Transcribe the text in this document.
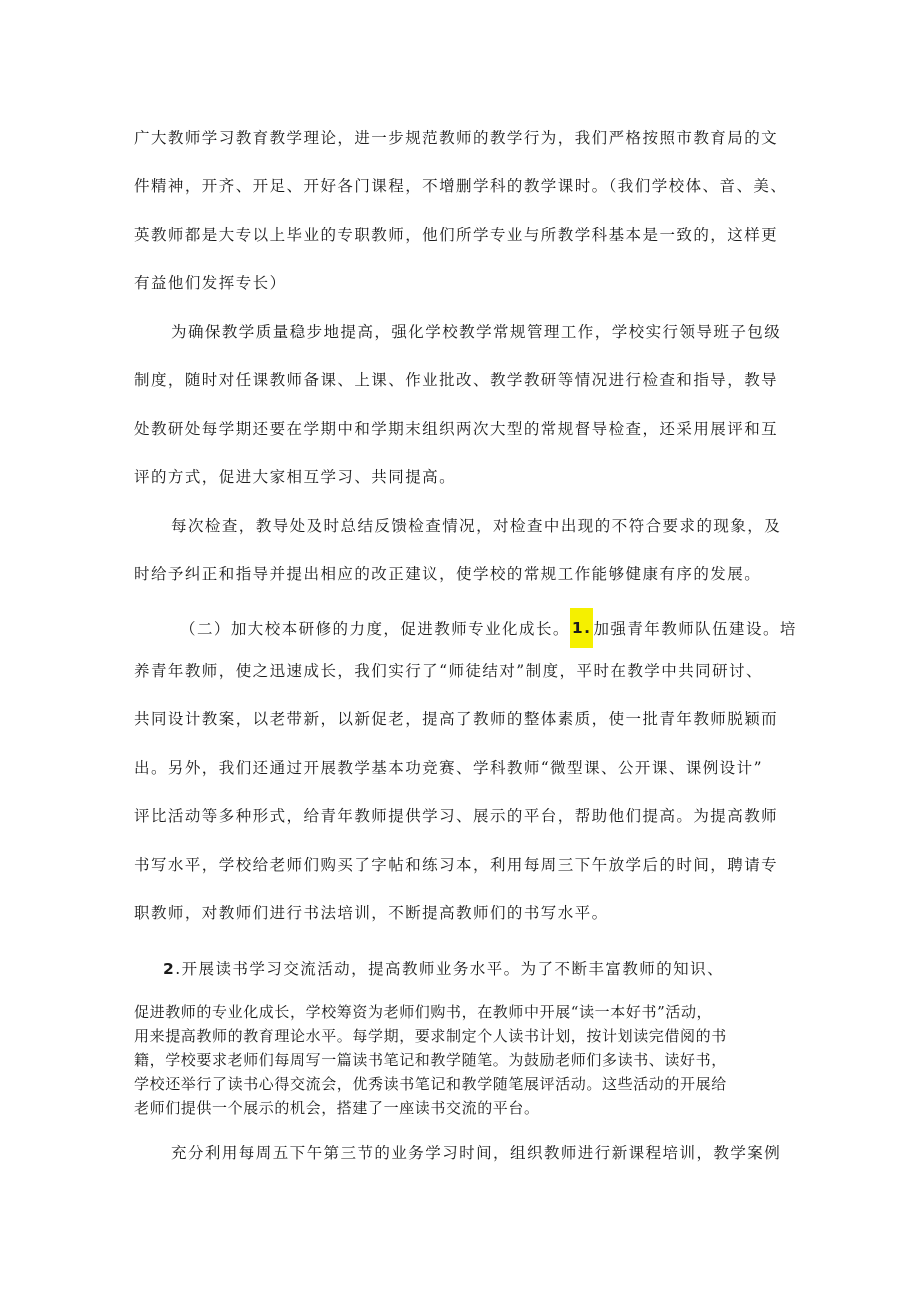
广大教师学习教育教学理论，进一步规范教师的教学行为，我们严格按照市教育局的文
件精神，开齐、开足、开好各门课程，不增删学科的教学课时。（我们学校体、音、美、
英教师都是大专以上毕业的专职教师，他们所学专业与所教学科基本是一致的，这样更
有益他们发挥专长）
为确保教学质量稳步地提高，强化学校教学常规管理工作，学校实行领导班子包级
制度，随时对任课教师备课、上课、作业批改、教学教研等情况进行检查和指导，教导
处教研处每学期还要在学期中和学期末组织两次大型的常规督导检查，还采用展评和互
评的方式，促进大家相互学习、共同提高。
每次检查，教导处及时总结反馈检查情况，对检查中出现的不符合要求的现象，及
时给予纠正和指导并提出相应的改正建议，使学校的常规工作能够健康有序的发展。
（二）加大校本研修的力度，促进教师专业化成长。 1. 加强青年教师队伍建设。培
养青年教师，使之迅速成长，我们实行了“师徒结对”制度，平时在教学中共同研讨、
共同设计教案，以老带新，以新促老，提高了教师的整体素质，使一批青年教师脱颖而
出。另外，我们还通过开展教学基本功竞赛、学科教师“微型课、公开课、课例设计”
评比活动等多种形式，给青年教师提供学习、展示的平台，帮助他们提高。为提高教师
书写水平，学校给老师们购买了字帖和练习本，利用每周三下午放学后的时间，聘请专
职教师，对教师们进行书法培训，不断提高教师们的书写水平。
2.开展读书学习交流活动，提高教师业务水平。为了不断丰富教师的知识、
促进教师的专业化成长，学校筹资为老师们购书，在教师中开展“读一本好书”活动，
用来提高教师的教育理论水平。每学期，要求制定个人读书计划，按计划读完借阅的书
籍，学校要求老师们每周写一篇读书笔记和教学随笔。为鼓励老师们多读书、读好书，
学校还举行了读书心得交流会，优秀读书笔记和教学随笔展评活动。这些活动的开展给
老师们提供一个展示的机会，搭建了一座读书交流的平台。
充分利用每周五下午第三节的业务学习时间，组织教师进行新课程培训，教学案例
